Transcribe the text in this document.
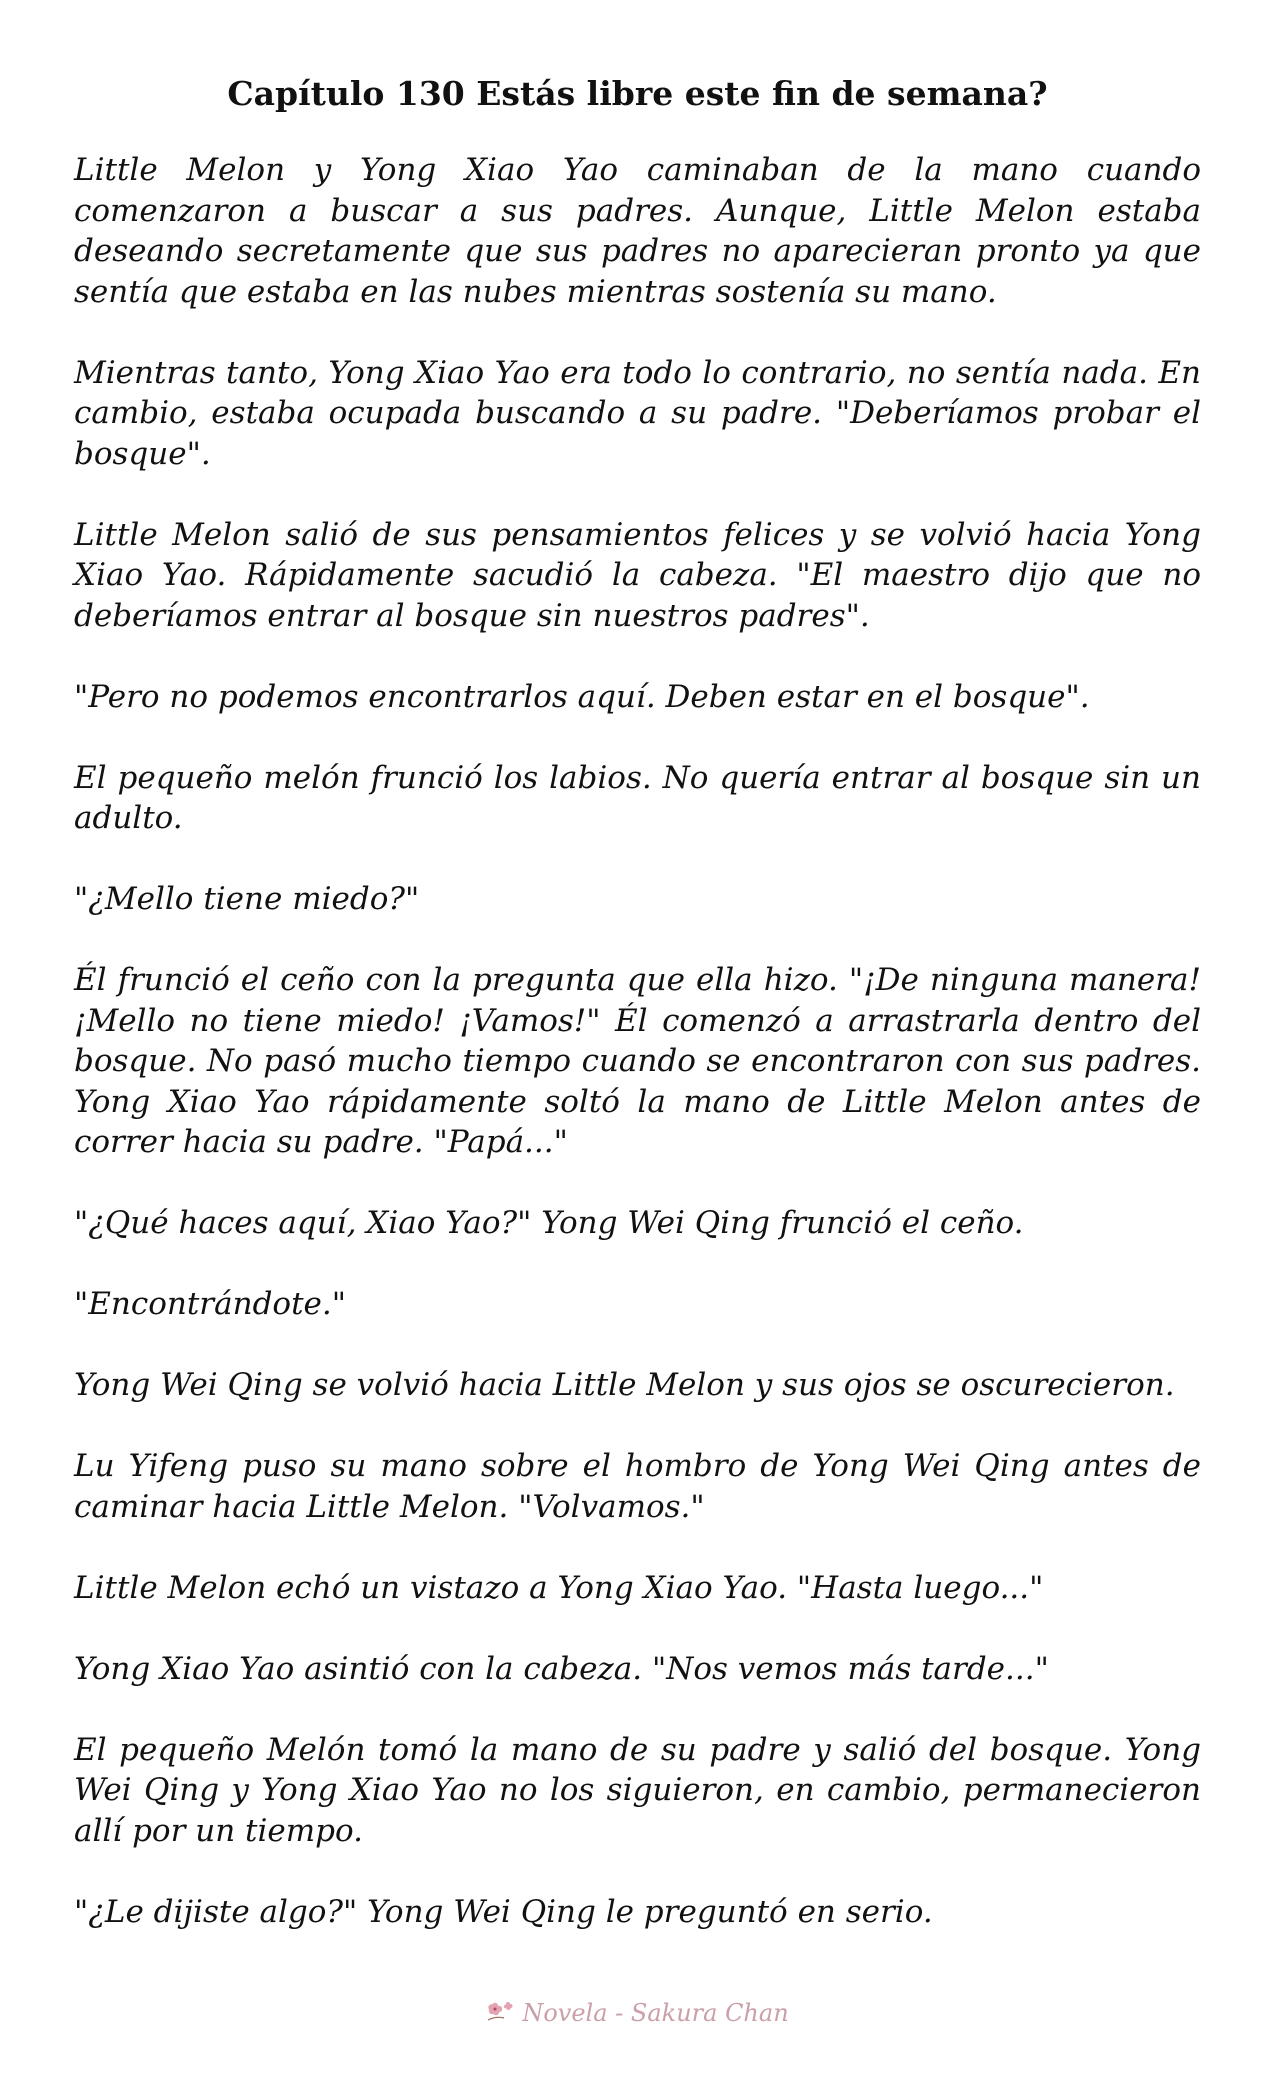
Capítulo 130 Estás libre este fin de semana?

Little Melon y Yong Xiao Yao caminaban de la mano cuando comenzaron a buscar a sus padres. Aunque, Little Melon estaba deseando secretamente que sus padres no aparecieran pronto ya que sentía que estaba en las nubes mientras sostenía su mano.

Mientras tanto, Yong Xiao Yao era todo lo contrario, no sentía nada. En cambio, estaba ocupada buscando a su padre. "Deberíamos probar el bosque".

Little Melon salió de sus pensamientos felices y se volvió hacia Yong Xiao Yao. Rápidamente sacudió la cabeza. "El maestro dijo que no deberíamos entrar al bosque sin nuestros padres".

"Pero no podemos encontrarlos aquí. Deben estar en el bosque".

El pequeño melón frunció los labios. No quería entrar al bosque sin un adulto.

"¿Mello tiene miedo?"

Él frunció el ceño con la pregunta que ella hizo. "¡De ninguna manera! ¡Mello no tiene miedo! ¡Vamos!" Él comenzó a arrastrarla dentro del bosque. No pasó mucho tiempo cuando se encontraron con sus padres. Yong Xiao Yao rápidamente soltó la mano de Little Melon antes de correr hacia su padre. "Papá..."

"¿Qué haces aquí, Xiao Yao?" Yong Wei Qing frunció el ceño.

"Encontrándote."

Yong Wei Qing se volvió hacia Little Melon y sus ojos se oscurecieron.

Lu Yifeng puso su mano sobre el hombro de Yong Wei Qing antes de caminar hacia Little Melon. "Volvamos."

Little Melon echó un vistazo a Yong Xiao Yao. "Hasta luego..."

Yong Xiao Yao asintió con la cabeza. "Nos vemos más tarde..."

El pequeño Melón tomó la mano de su padre y salió del bosque. Yong Wei Qing y Yong Xiao Yao no los siguieron, en cambio, permanecieron allí por un tiempo.

"¿Le dijiste algo?" Yong Wei Qing le preguntó en serio.

Novela - Sakura Chan
